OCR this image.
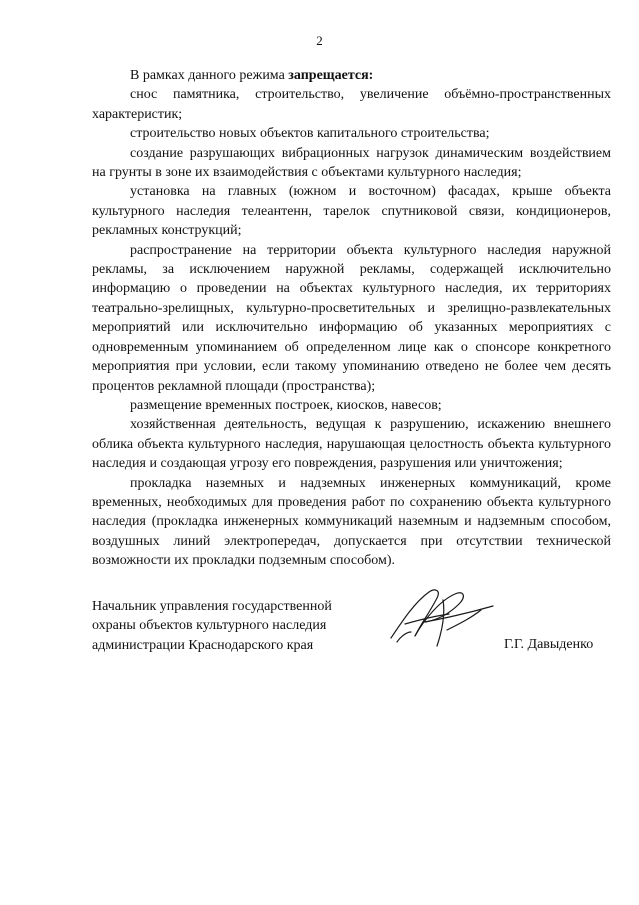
2

В рамках данного режима запрещается:

снос памятника, строительство, увеличение объёмно-пространственных характеристик;

строительство новых объектов капитального строительства;

создание разрушающих вибрационных нагрузок динамическим воздействием на грунты в зоне их взаимодействия с объектами культурного наследия;

установка на главных (южном и восточном) фасадах, крыше объекта культурного наследия телеантенн, тарелок спутниковой связи, кондиционеров, рекламных конструкций;

распространение на территории объекта культурного наследия наружной рекламы, за исключением наружной рекламы, содержащей исключительно информацию о проведении на объектах культурного наследия, их территориях театрально-зрелищных, культурно-просветительных и зрелищно-развлекательных мероприятий или исключительно информацию об указанных мероприятиях с одновременным упоминанием об определенном лице как о спонсоре конкретного мероприятия при условии, если такому упоминанию отведено не более чем десять процентов рекламной площади (пространства);

размещение временных построек, киосков, навесов;

хозяйственная деятельность, ведущая к разрушению, искажению внешнего облика объекта культурного наследия, нарушающая целостность объекта культурного наследия и создающая угрозу его повреждения, разрушения или уничтожения;

прокладка наземных и надземных инженерных коммуникаций, кроме временных, необходимых для проведения работ по сохранению объекта культурного наследия (прокладка инженерных коммуникаций наземным и надземным способом, воздушных линий электропередач, допускается при отсутствии технической возможности их прокладки подземным способом).

Начальник управления государственной
охраны объектов культурного наследия
администрации Краснодарского края	Г.Г. Давыденко
